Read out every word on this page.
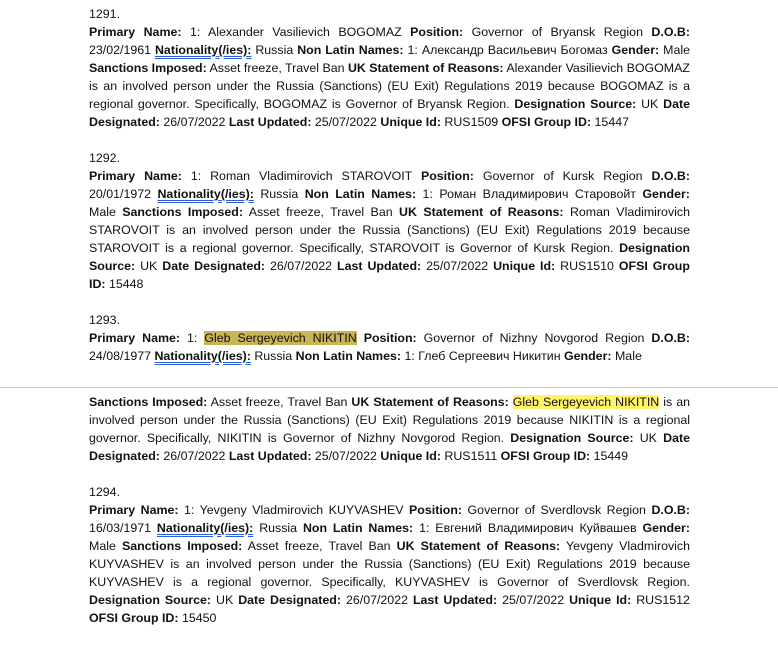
1291.
Primary Name: 1: Alexander Vasilievich BOGOMAZ Position: Governor of Bryansk Region D.O.B: 23/02/1961 Nationality(/ies): Russia Non Latin Names: 1: Александр Васильевич Богомаз Gender: Male Sanctions Imposed: Asset freeze, Travel Ban UK Statement of Reasons: Alexander Vasilievich BOGOMAZ is an involved person under the Russia (Sanctions) (EU Exit) Regulations 2019 because BOGOMAZ is a regional governor. Specifically, BOGOMAZ is Governor of Bryansk Region. Designation Source: UK Date Designated: 26/07/2022 Last Updated: 25/07/2022 Unique Id: RUS1509 OFSI Group ID: 15447
1292.
Primary Name: 1: Roman Vladimirovich STAROVOIT Position: Governor of Kursk Region D.O.B: 20/01/1972 Nationality(/ies): Russia Non Latin Names: 1: Роман Владимирович Старовойт Gender: Male Sanctions Imposed: Asset freeze, Travel Ban UK Statement of Reasons: Roman Vladimirovich STAROVOIT is an involved person under the Russia (Sanctions) (EU Exit) Regulations 2019 because STAROVOIT is a regional governor. Specifically, STAROVOIT is Governor of Kursk Region. Designation Source: UK Date Designated: 26/07/2022 Last Updated: 25/07/2022 Unique Id: RUS1510 OFSI Group ID: 15448
1293.
Primary Name: 1: Gleb Sergeyevich NIKITIN Position: Governor of Nizhny Novgorod Region D.O.B: 24/08/1977 Nationality(/ies): Russia Non Latin Names: 1: Глеб Сергеевич Никитин Gender: Male
Sanctions Imposed: Asset freeze, Travel Ban UK Statement of Reasons: Gleb Sergeyevich NIKITIN is an involved person under the Russia (Sanctions) (EU Exit) Regulations 2019 because NIKITIN is a regional governor. Specifically, NIKITIN is Governor of Nizhny Novgorod Region. Designation Source: UK Date Designated: 26/07/2022 Last Updated: 25/07/2022 Unique Id: RUS1511 OFSI Group ID: 15449
1294.
Primary Name: 1: Yevgeny Vladmirovich KUYVASHEV Position: Governor of Sverdlovsk Region D.O.B: 16/03/1971 Nationality(/ies): Russia Non Latin Names: 1: Евгений Владимирович Куйвашев Gender: Male Sanctions Imposed: Asset freeze, Travel Ban UK Statement of Reasons: Yevgeny Vladmirovich KUYVASHEV is an involved person under the Russia (Sanctions) (EU Exit) Regulations 2019 because KUYVASHEV is a regional governor. Specifically, KUYVASHEV is Governor of Sverdlovsk Region. Designation Source: UK Date Designated: 26/07/2022 Last Updated: 25/07/2022 Unique Id: RUS1512 OFSI Group ID: 15450
